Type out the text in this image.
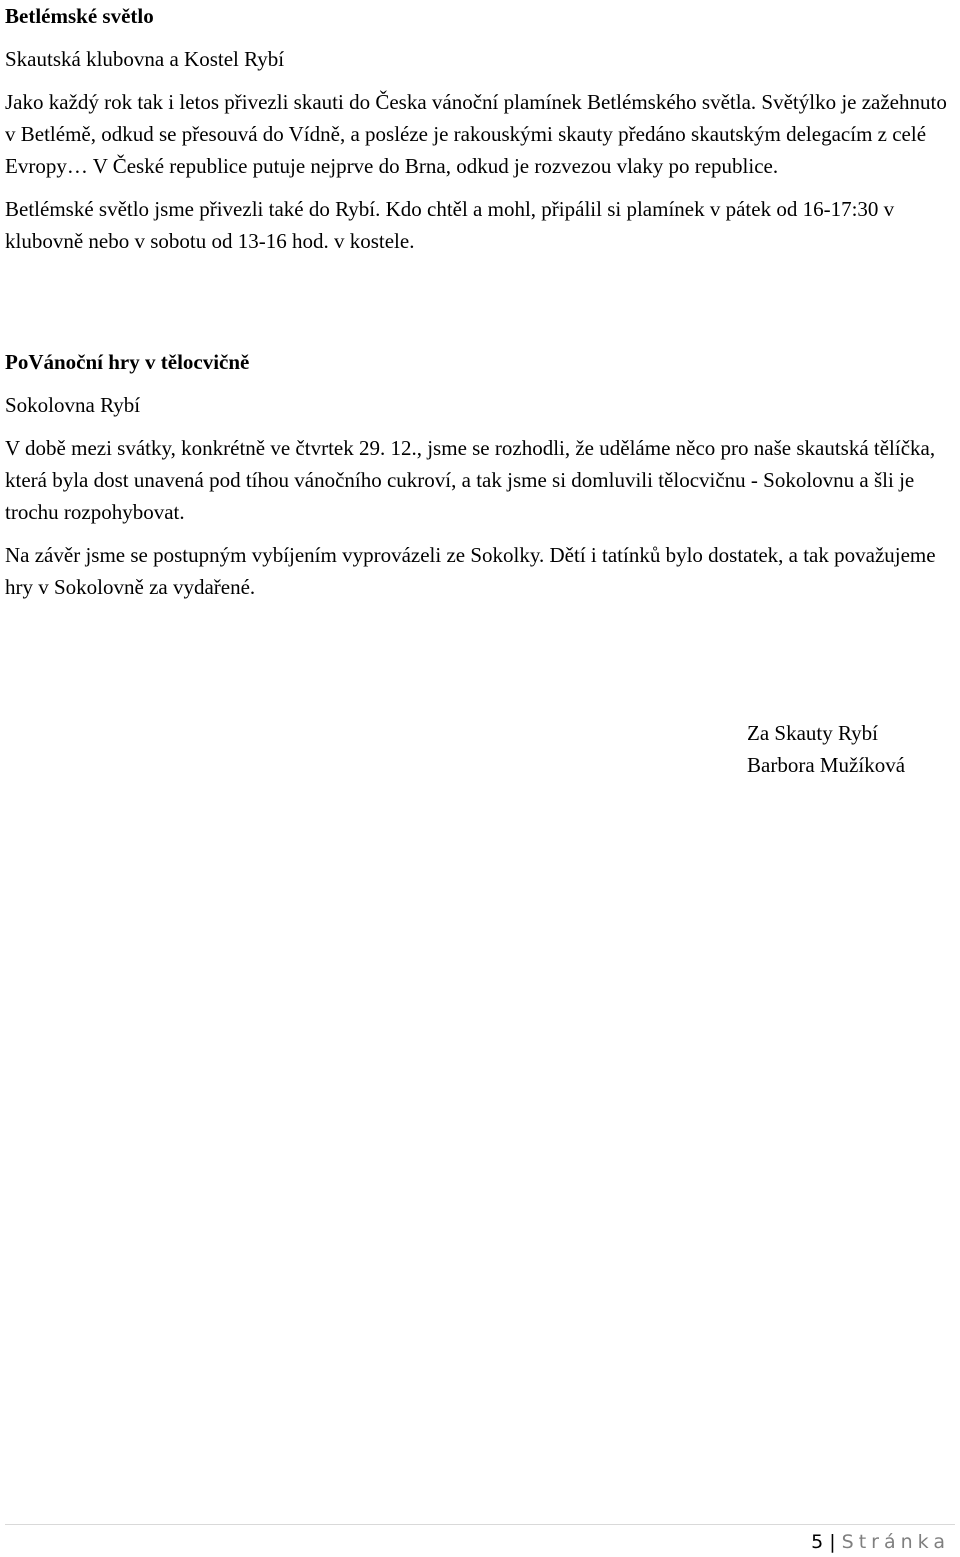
Betlémské světlo

Skautská klubovna a Kostel Rybí

Jako každý rok tak i letos přivezli skauti do Česka vánoční plamínek Betlémského světla. Světýlko je zažehnuto v Betlémě, odkud se přesouvá do Vídně, a posléze je rakouskými skauty předáno skautským delegacím z celé Evropy… V České republice putuje nejprve do Brna, odkud je rozvezou vlaky po republice.

Betlémské světlo jsme přivezli také do Rybí. Kdo chtěl a mohl, připálil si plamínek v pátek od 16-17:30 v klubovně nebo v sobotu od 13-16 hod. v kostele.

PoVánoční hry v tělocvičně

Sokolovna Rybí

V době mezi svátky, konkrétně ve čtvrtek 29. 12., jsme se rozhodli, že uděláme něco pro naše skautská tělíčka, která byla dost unavená pod tíhou vánočního cukroví, a tak jsme si domluvili tělocvičnu - Sokolovnu a šli je trochu rozpohybovat.

Na závěr jsme se postupným vybíjením vyprovázeli ze Sokolky. Dětí i tatínků bylo dostatek, a tak považujeme hry v Sokolovně za vydařené.

Za Skauty Rybí
Barbora Mužíková
5 | Stránka
